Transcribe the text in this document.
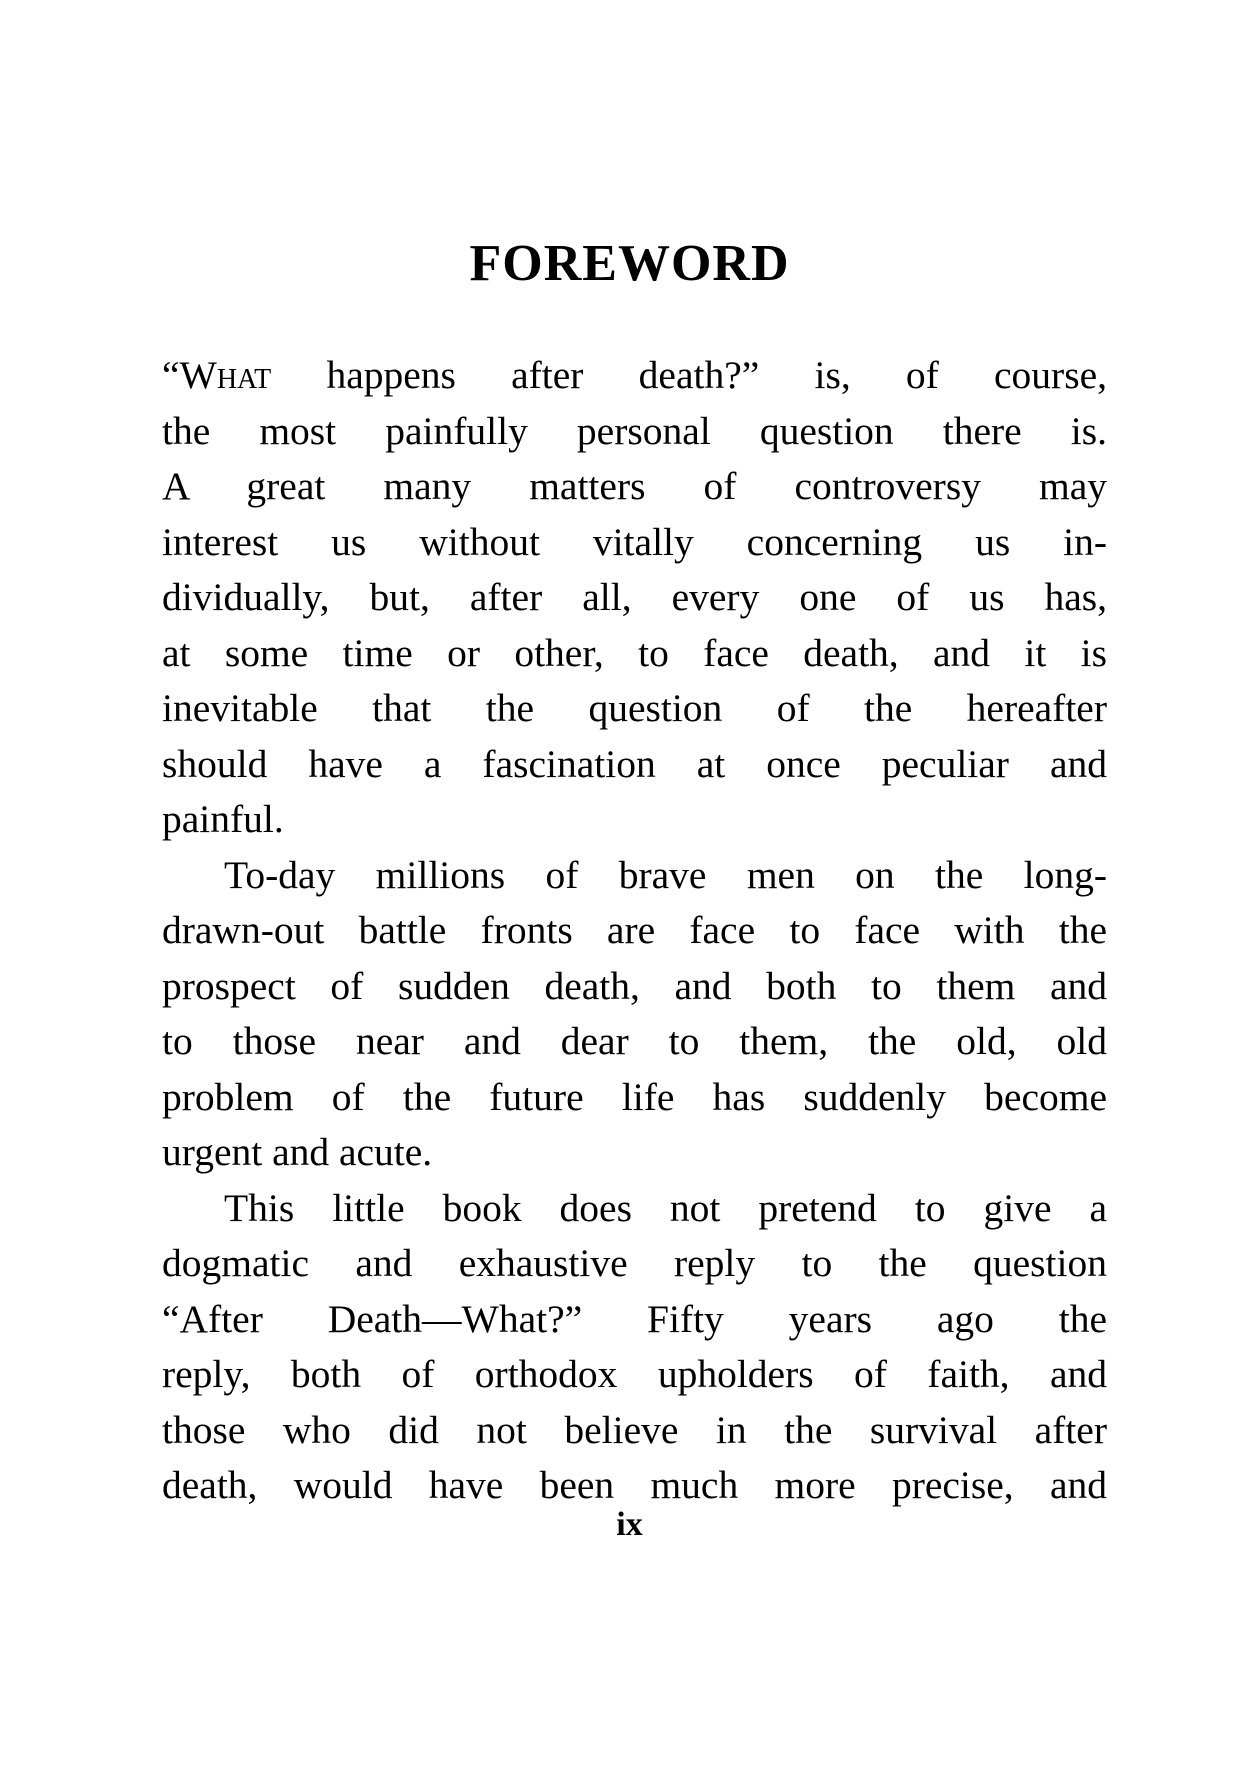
FOREWORD
“What happens after death?” is, of course,
the most painfully personal question there is.
A great many matters of controversy may
interest us without vitally concerning us in-
dividually, but, after all, every one of us has,
at some time or other, to face death, and it is
inevitable that the question of the hereafter
should have a fascination at once peculiar and
painful.
To-day millions of brave men on the long-
drawn-out battle fronts are face to face with the
prospect of sudden death, and both to them and
to those near and dear to them, the old, old
problem of the future life has suddenly become
urgent and acute.
This little book does not pretend to give a
dogmatic and exhaustive reply to the question
“After Death—What?” Fifty years ago the
reply, both of orthodox upholders of faith, and
those who did not believe in the survival after
death, would have been much more precise, and
ix
